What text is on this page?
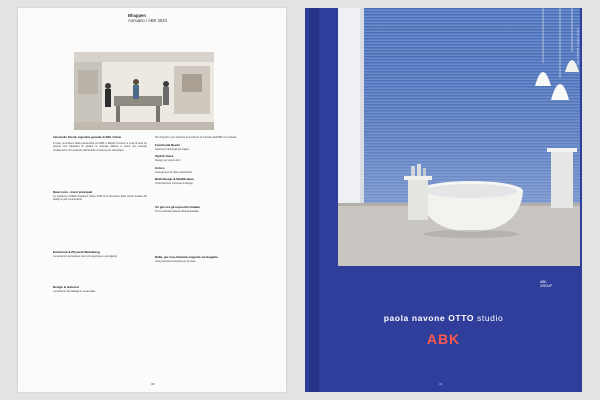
Bhappen
Annuario / ABK 2023

Alessandro Dorotti, segretario generale di ABK / Anima

Il ruolo promotore della partnership tra ABK e Bardot Concert a cura di tanti fa, proprio con l'obiettivo di aiutare le aziende italiane a renne più marcato sfruttamento non potendo dell'ambito di ricerca più nell'acqua.

Dual room - trend principali

Le tendenze di Bath Fashions Show 2023 la di direzione delle scelte basate del design e dei consumatori.

Emotional & Physical Well-Being

Le tendenze armoniose sono più spaziose e accoglienti.

Design & textured

La bellezza dei dettagli in essenziale.

Più di spazi e per sfruttare le tendenze di mercato dell'ABK sui contesti.

Functional Needs

Soluzioni funzionali per bagni.

Stylish Voice

Design per spazi unici.

Colors

Una gamma di colori selezionati.

Bath Design & Modification

Un'evoluzione continua di design.

Un giro tra gli espositori italiani

Tra le aziende italiane all'avanguardia.

Dalla, per una clientela esigente ed elegante

Una proposta completa per la casa.

30
Sfondo | Bloom / Wallpaper ABK
ABK
GROUP
paola navone OTTO studio
ABK
31
